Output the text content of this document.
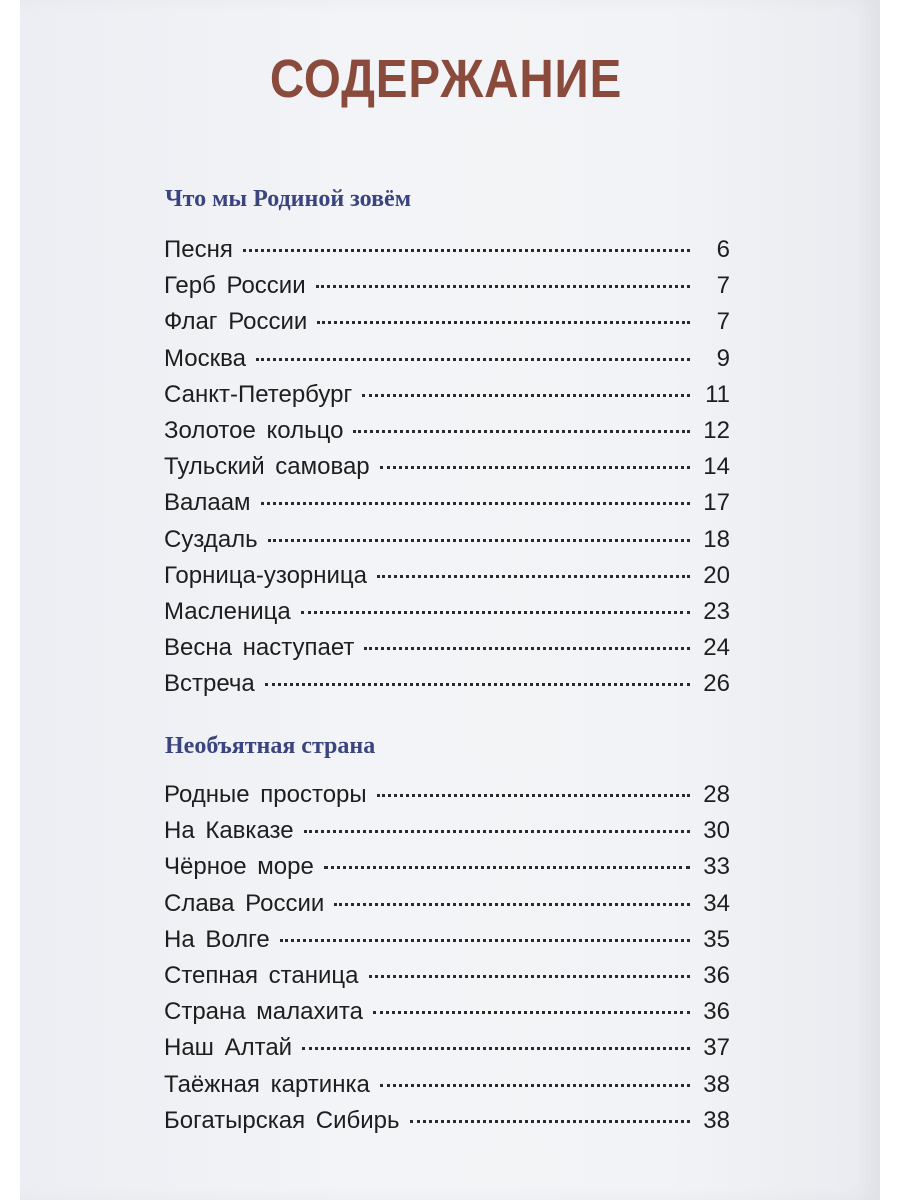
СОДЕРЖАНИЕ
Что мы Родиной зовём
Песня	6
Герб России	7
Флаг России	7
Москва	9
Санкт-Петербург	11
Золотое кольцо	12
Тульский самовар	14
Валаам	17
Суздаль	18
Горница-узорница	20
Масленица	23
Весна наступает	24
Встреча	26
Необъятная страна
Родные просторы	28
На Кавказе	30
Чёрное море	33
Слава России	34
На Волге	35
Степная станица	36
Страна малахита	36
Наш Алтай	37
Таёжная картинка	38
Богатырская Сибирь	38
